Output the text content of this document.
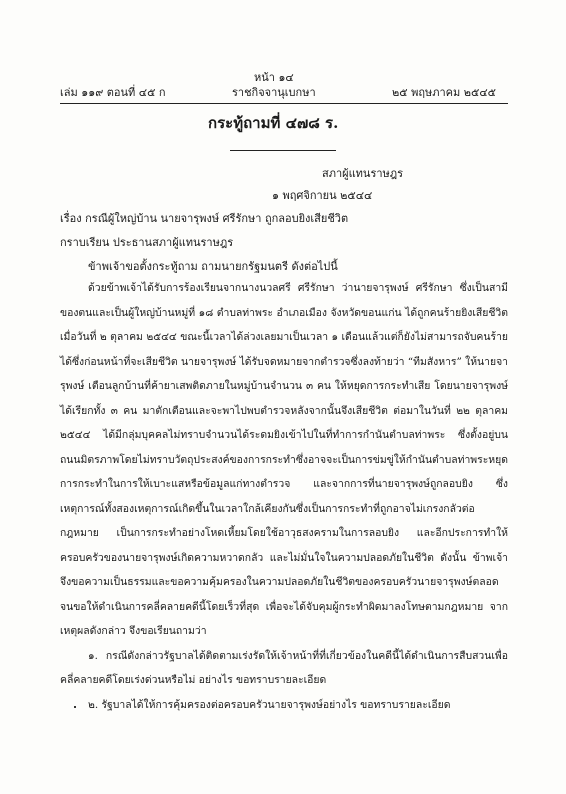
หน้า ๑๔
เล่ม ๑๑๙ ตอนที่ ๔๕ ก	ราชกิจจานุเบกษา	๒๕ พฤษภาคม ๒๕๔๕
กระทู้ถามที่ ๔๗๘ ร.
สภาผู้แทนราษฎร
๑ พฤศจิกายน ๒๕๔๔
เรื่อง กรณีผู้ใหญ่บ้าน นายจารุพงษ์ ศรีรักษา ถูกลอบยิงเสียชีวิต
กราบเรียน ประธานสภาผู้แทนราษฎร
ข้าพเจ้าขอตั้งกระทู้ถาม ถามนายกรัฐมนตรี ดังต่อไปนี้

ด้วยข้าพเจ้าได้รับการร้องเรียนจากนางนวลศรี ศรีรักษา ว่านายจารุพงษ์ ศรีรักษา ซึ่งเป็นสามีของตนและเป็นผู้ใหญ่บ้านหมู่ที่ ๑๘ ตำบลท่าพระ อำเภอเมือง จังหวัดขอนแก่น ได้ถูกคนร้ายยิงเสียชีวิตเมื่อวันที่ ๒ ตุลาคม ๒๕๔๔ ขณะนี้เวลาได้ล่วงเลยมาเป็นเวลา ๑ เดือนแล้วแต่ก็ยังไม่สามารถจับคนร้ายได้ซึ่งก่อนหน้าที่จะเสียชีวิต นายจารุพงษ์ ได้รับจดหมายจากตำรวจซึ่งลงท้ายว่า “ทีมสังหาร” ให้นายจารุพงษ์ เตือนลูกบ้านที่ค้ายาเสพติดภายในหมู่บ้านจำนวน ๓ คน ให้หยุดการกระทำเสีย โดยนายจารุพงษ์ได้เรียกทั้ง ๓ คน มาตักเตือนและจะพาไปพบตำรวจหลังจากนั้นจึงเสียชีวิต ต่อมาในวันที่ ๒๒ ตุลาคม ๒๕๔๔ ได้มีกลุ่มบุคคลไม่ทราบจำนวนได้ระดมยิงเข้าไปในที่ทำการกำนันตำบลท่าพระ ซึ่งตั้งอยู่บนถนนมิตรภาพโดยไม่ทราบวัตถุประสงค์ของการกระทำซึ่งอาจจะเป็นการข่มขู่ให้กำนันตำบลท่าพระหยุดการกระทำในการให้เบาะแสหรือข้อมูลแก่ทางตำรวจ และจากการที่นายจารุพงษ์ถูกลอบยิง ซึ่งเหตุการณ์ทั้งสองเหตุการณ์เกิดขึ้นในเวลาใกล้เคียงกันซึ่งเป็นการกระทำที่ถูกอาจไม่เกรงกลัวต่อกฎหมาย เป็นการกระทำอย่างโหดเหี้ยมโดยใช้อาวุธสงครามในการลอบยิง และอีกประการทำให้ครอบครัวของนายจารุพงษ์เกิดความหวาดกลัว และไม่มั่นใจในความปลอดภัยในชีวิต ดังนั้น ข้าพเจ้าจึงขอความเป็นธรรมและขอความคุ้มครองในความปลอดภัยในชีวิตของครอบครัวนายจารุพงษ์ตลอดจนขอให้ดำเนินการคลี่คลายคดีนี้โดยเร็วที่สุด เพื่อจะได้จับคุมผู้กระทำผิดมาลงโทษตามกฎหมาย จากเหตุผลดังกล่าว จึงขอเรียนถามว่า

๑. กรณีดังกล่าวรัฐบาลได้ติดตามเร่งรัดให้เจ้าหน้าที่ที่เกี่ยวข้องในคดีนี้ได้ดำเนินการสืบสวนเพื่อคลี่คลายคดีโดยเร่งด่วนหรือไม่ อย่างไร ขอทราบรายละเอียด

๒. รัฐบาลได้ให้การคุ้มครองต่อครอบครัวนายจารุพงษ์อย่างไร ขอทราบรายละเอียด
